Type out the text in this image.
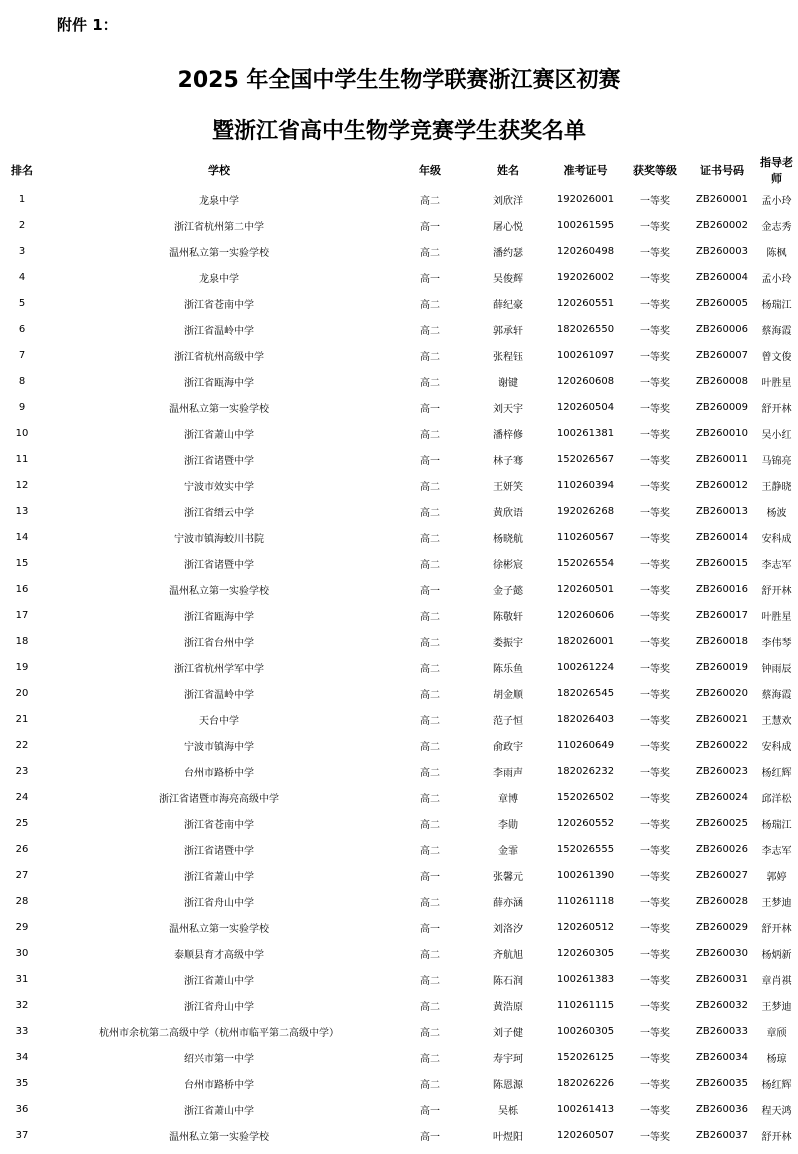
附件 1：
2025 年全国中学生生物学联赛浙江赛区初赛
暨浙江省高中生物学竞赛学生获奖名单
排名	学校	年级	姓名	准考证号	获奖等级	证书号码	指导老师
1	龙泉中学	高二	刘欣洋	192026001	一等奖	ZB260001	孟小玲
2	浙江省杭州第二中学	高一	屠心悦	100261595	一等奖	ZB260002	金志秀
3	温州私立第一实验学校	高二	潘约瑟	120260498	一等奖	ZB260003	陈枫
4	龙泉中学	高一	吴俊辉	192026002	一等奖	ZB260004	孟小玲
5	浙江省苍南中学	高二	薛纪豪	120260551	一等奖	ZB260005	杨瑞江
6	浙江省温岭中学	高二	郭承轩	182026550	一等奖	ZB260006	蔡海霞
7	浙江省杭州高级中学	高二	张程钰	100261097	一等奖	ZB260007	曾文俊
8	浙江省瓯海中学	高二	谢键	120260608	一等奖	ZB260008	叶胜星
9	温州私立第一实验学校	高一	刘天宇	120260504	一等奖	ZB260009	舒开林
10	浙江省萧山中学	高二	潘梓修	100261381	一等奖	ZB260010	吴小红
11	浙江省诸暨中学	高一	林子骞	152026567	一等奖	ZB260011	马锦亮
12	宁波市效实中学	高二	王妍笑	110260394	一等奖	ZB260012	王静晓
13	浙江省缙云中学	高二	黄欣语	192026268	一等奖	ZB260013	杨波
14	宁波市镇海蛟川书院	高二	杨晓航	110260567	一等奖	ZB260014	安科成
15	浙江省诸暨中学	高二	徐彬宸	152026554	一等奖	ZB260015	李志军
16	温州私立第一实验学校	高一	金子懿	120260501	一等奖	ZB260016	舒开林
17	浙江省瓯海中学	高二	陈敬轩	120260606	一等奖	ZB260017	叶胜星
18	浙江省台州中学	高二	娄振宇	182026001	一等奖	ZB260018	李伟琴
19	浙江省杭州学军中学	高二	陈乐鱼	100261224	一等奖	ZB260019	钟雨辰
20	浙江省温岭中学	高二	胡金顺	182026545	一等奖	ZB260020	蔡海霞
21	天台中学	高二	范子恒	182026403	一等奖	ZB260021	王慧欢
22	宁波市镇海中学	高二	俞政宇	110260649	一等奖	ZB260022	安科成
23	台州市路桥中学	高二	李雨声	182026232	一等奖	ZB260023	杨红辉
24	浙江省诸暨市海亮高级中学	高二	章博	152026502	一等奖	ZB260024	邱洋松
25	浙江省苍南中学	高二	李勋	120260552	一等奖	ZB260025	杨瑞江
26	浙江省诸暨中学	高二	金霏	152026555	一等奖	ZB260026	李志军
27	浙江省萧山中学	高一	张馨元	100261390	一等奖	ZB260027	郭婷
28	浙江省舟山中学	高二	薛亦涵	110261118	一等奖	ZB260028	王梦迪
29	温州私立第一实验学校	高一	刘洛汐	120260512	一等奖	ZB260029	舒开林
30	泰顺县育才高级中学	高二	齐航旭	120260305	一等奖	ZB260030	杨炳新
31	浙江省萧山中学	高二	陈石润	100261383	一等奖	ZB260031	章肖祺
32	浙江省舟山中学	高二	黄浩原	110261115	一等奖	ZB260032	王梦迪
33	杭州市余杭第二高级中学（杭州市临平第二高级中学）	高二	刘子健	100260305	一等奖	ZB260033	章颀
34	绍兴市第一中学	高二	寿宇珂	152026125	一等奖	ZB260034	杨琼
35	台州市路桥中学	高二	陈恩源	182026226	一等奖	ZB260035	杨红辉
36	浙江省萧山中学	高一	吴栎	100261413	一等奖	ZB260036	程天鸿
37	温州私立第一实验学校	高一	叶煜阳	120260507	一等奖	ZB260037	舒开林
